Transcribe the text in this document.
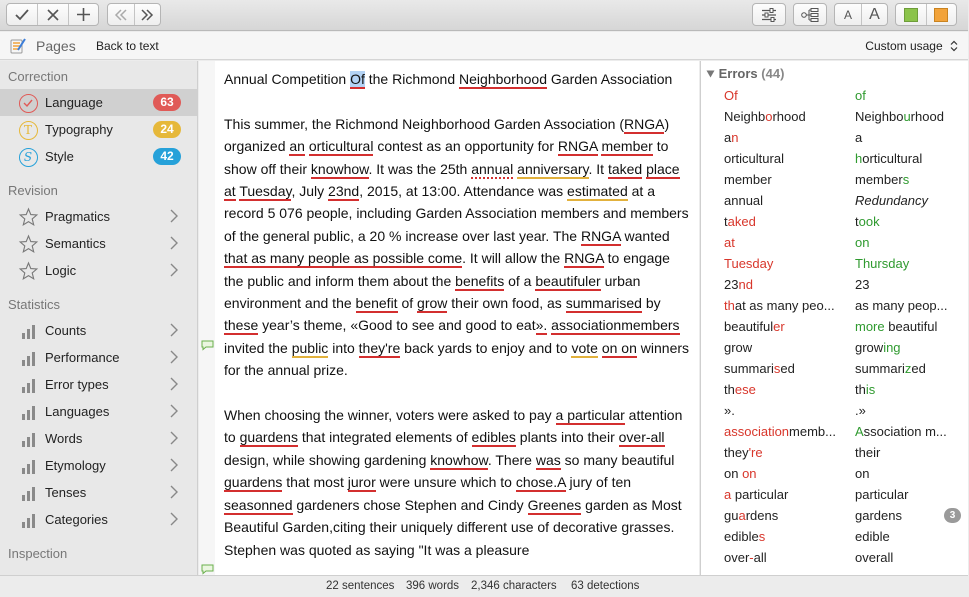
A	A
Pages Back to text	Custom usage
Correction
Language	63
T	Typography	24
S Style	42
Revision
Pragmatics
Semantics
Logic
Statistics
Counts
Performance
Error types
Languages
Words
Etymology
Tenses
Categories
Inspection

Annual Competition Of the Richmond Neighborhood Garden Association

This summer, the Richmond Neighborhood Garden Association (RNGA) organized an orticultural contest as an opportunity for RNGA member to show off their knowhow. It was the 25th annual anniversary. It taked place at Tuesday, July 23nd, 2015, at 13:00. Attendance was estimated at a record 5 076 people, including Garden Association members and members of the general public, a 20 % increase over last year. The RNGA wanted that as many people as possible come. It will allow the RNGA to engage the public and inform them about the benefits of a beautifuler urban environment and the benefit of grow their own food, as summarised by these year’s theme, «Good to see and good to eat». associationmembers invited the public into they're back yards to enjoy and to vote on on winners for the annual prize.

When choosing the winner, voters were asked to pay a particular attention to guardens that integrated elements of edibles plants into their over-all design, while showing gardening knowhow. There was so many beautiful guardens that most juror were unsure which to chose.A jury of ten seasonned gardeners chose Stephen and Cindy Greenes garden as Most Beautiful Garden,citing their uniquely different use of decorative grasses. Stephen was quoted as saying "It was a pleasure

Errors (44)
Of	of
Neighborhood	Neighbourhood
an	a
orticultural	horticultural
member	members
annual	Redundancy
taked	took
at	on
Tuesday	Thursday
23nd	23
that as many peo...	as many peop...
beautifuler	more beautiful
grow	growing
summarised	summarized
these	this
».	.»
associationmemb...	Association m...
they're	their
on on	on
a particular	particular
guardens	gardens	3
edibles	edible
over-all	overall
22 sentences 396 words 2,346 characters 63 detections
